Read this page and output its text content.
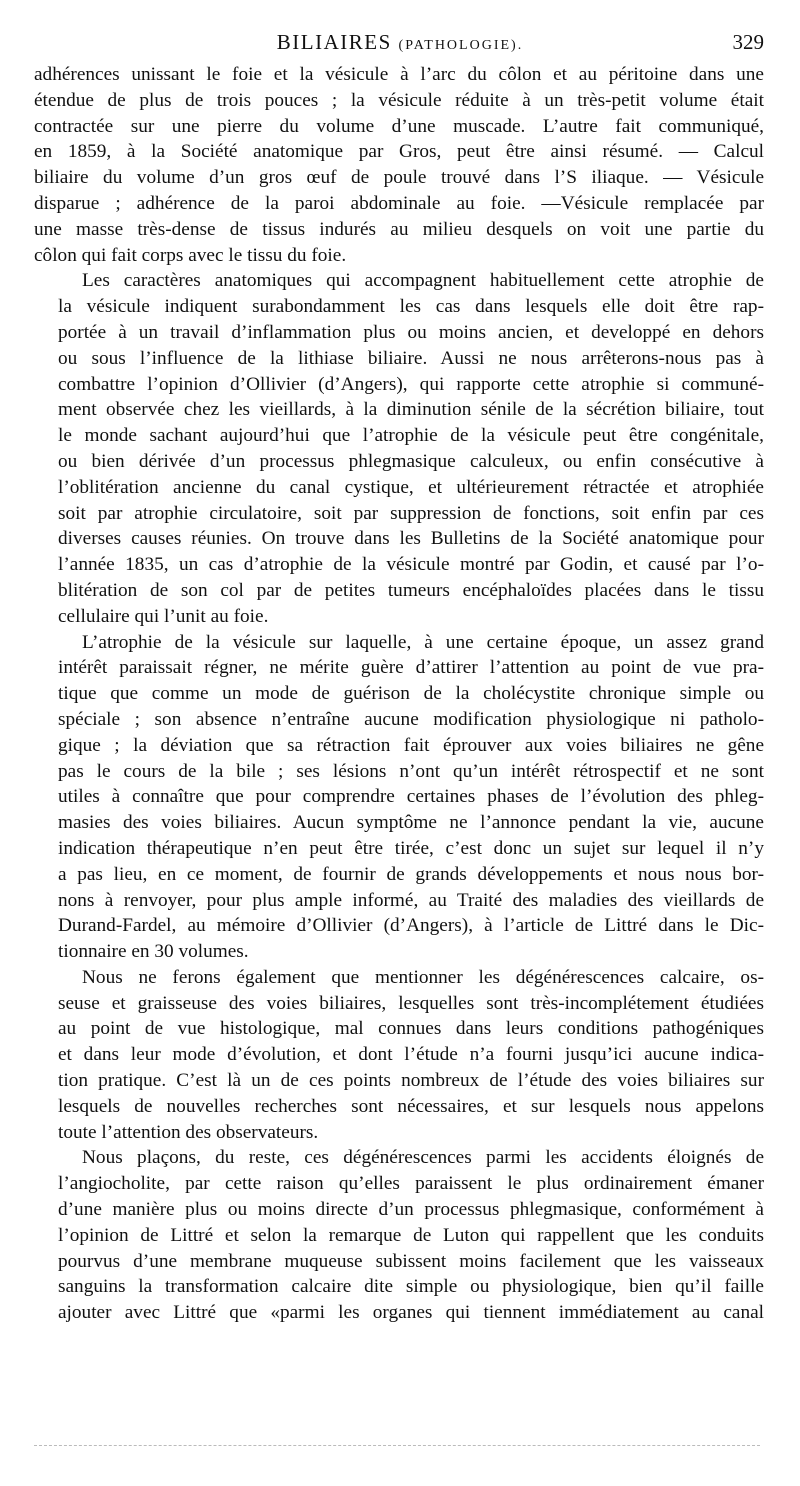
BILIAIRES (PATHOLOGIE).	329
adhérences unissant le foie et la vésicule à l’arc du côlon et au péritoine dans une
étendue de plus de trois pouces ; la vésicule réduite à un très-petit volume était
contractée sur une pierre du volume d’une muscade. L’autre fait communiqué,
en 1859, à la Société anatomique par Gros, peut être ainsi résumé. — Calcul
biliaire du volume d’un gros œuf de poule trouvé dans l’S iliaque. — Vésicule
disparue ; adhérence de la paroi abdominale au foie. —Vésicule remplacée par
une masse très-dense de tissus indurés au milieu desquels on voit une partie du
côlon qui fait corps avec le tissu du foie.
Les caractères anatomiques qui accompagnent habituellement cette atrophie de
la vésicule indiquent surabondamment les cas dans lesquels elle doit être rap-
portée à un travail d’inflammation plus ou moins ancien, et developpé en dehors
ou sous l’influence de la lithiase biliaire. Aussi ne nous arrêterons-nous pas à
combattre l’opinion d’Ollivier (d’Angers), qui rapporte cette atrophie si communé-
ment observée chez les vieillards, à la diminution sénile de la sécrétion biliaire, tout
le monde sachant aujourd’hui que l’atrophie de la vésicule peut être congénitale,
ou bien dérivée d’un processus phlegmasique calculeux, ou enfin consécutive à
l’oblitération ancienne du canal cystique, et ultérieurement rétractée et atrophiée
soit par atrophie circulatoire, soit par suppression de fonctions, soit enfin par ces
diverses causes réunies. On trouve dans les Bulletins de la Société anatomique pour
l’année 1835, un cas d’atrophie de la vésicule montré par Godin, et causé par l’o-
blitération de son col par de petites tumeurs encéphaloïdes placées dans le tissu
cellulaire qui l’unit au foie.
L’atrophie de la vésicule sur laquelle, à une certaine époque, un assez grand
intérêt paraissait régner, ne mérite guère d’attirer l’attention au point de vue pra-
tique que comme un mode de guérison de la cholécystite chronique simple ou
spéciale ; son absence n’entraîne aucune modification physiologique ni patholo-
gique ; la déviation que sa rétraction fait éprouver aux voies biliaires ne gêne
pas le cours de la bile ; ses lésions n’ont qu’un intérêt rétrospectif et ne sont
utiles à connaître que pour comprendre certaines phases de l’évolution des phleg-
masies des voies biliaires. Aucun symptôme ne l’annonce pendant la vie, aucune
indication thérapeutique n’en peut être tirée, c’est donc un sujet sur lequel il n’y
a pas lieu, en ce moment, de fournir de grands développements et nous nous bor-
nons à renvoyer, pour plus ample informé, au Traité des maladies des vieillards de
Durand-Fardel, au mémoire d’Ollivier (d’Angers), à l’article de Littré dans le Dic-
tionnaire en 30 volumes.
Nous ne ferons également que mentionner les dégénérescences calcaire, os-
seuse et graisseuse des voies biliaires, lesquelles sont très-incomplétement étudiées
au point de vue histologique, mal connues dans leurs conditions pathogéniques
et dans leur mode d’évolution, et dont l’étude n’a fourni jusqu’ici aucune indica-
tion pratique. C’est là un de ces points nombreux de l’étude des voies biliaires sur
lesquels de nouvelles recherches sont nécessaires, et sur lesquels nous appelons
toute l’attention des observateurs.
Nous plaçons, du reste, ces dégénérescences parmi les accidents éloignés de
l’angiocholite, par cette raison qu’elles paraissent le plus ordinairement émaner
d’une manière plus ou moins directe d’un processus phlegmasique, conformément à
l’opinion de Littré et selon la remarque de Luton qui rappellent que les conduits
pourvus d’une membrane muqueuse subissent moins facilement que les vaisseaux
sanguins la transformation calcaire dite simple ou physiologique, bien qu’il faille
ajouter avec Littré que «parmi les organes qui tiennent immédiatement au canal
